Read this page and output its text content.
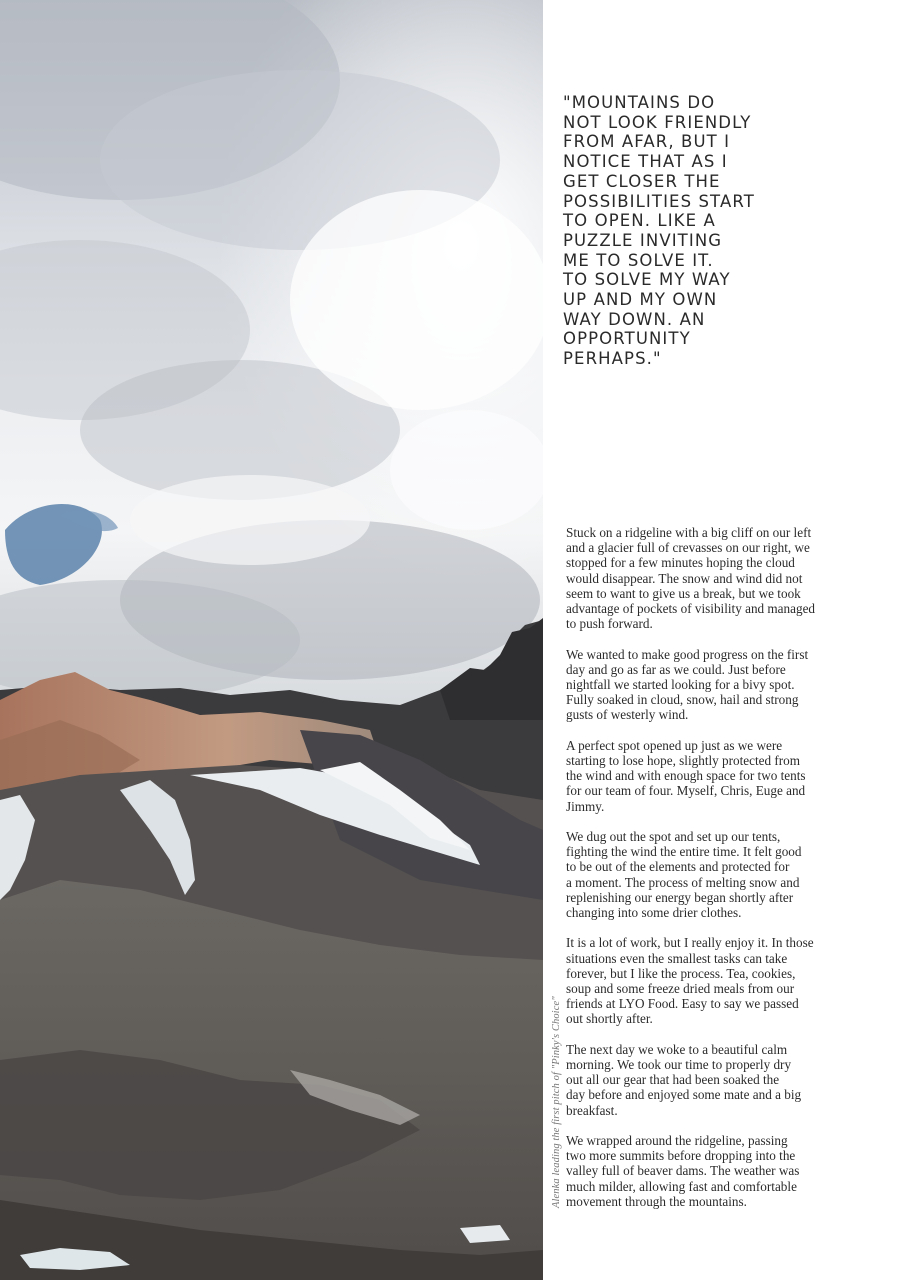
Alenka leading the first pitch of "Pinky's Choice"
"MOUNTAINS DO
NOT LOOK FRIENDLY
FROM AFAR, BUT I
NOTICE THAT AS I
GET CLOSER THE
POSSIBILITIES START
TO OPEN. LIKE A
PUZZLE INVITING
ME TO SOLVE IT.
TO SOLVE MY WAY
UP AND MY OWN
WAY DOWN. AN
OPPORTUNITY
PERHAPS."
Stuck on a ridgeline with a big cliff on our left
and a glacier full of crevasses on our right, we
stopped for a few minutes hoping the cloud
would disappear. The snow and wind did not
seem to want to give us a break, but we took
advantage of pockets of visibility and managed
to push forward.
We wanted to make good progress on the first
day and go as far as we could. Just before
nightfall we started looking for a bivy spot.
Fully soaked in cloud, snow, hail and strong
gusts of westerly wind.
A perfect spot opened up just as we were
starting to lose hope, slightly protected from
the wind and with enough space for two tents
for our team of four. Myself, Chris, Euge and
Jimmy.
We dug out the spot and set up our tents,
fighting the wind the entire time. It felt good
to be out of the elements and protected for
a moment. The process of melting snow and
replenishing our energy began shortly after
changing into some drier clothes.
It is a lot of work, but I really enjoy it. In those
situations even the smallest tasks can take
forever, but I like the process. Tea, cookies,
soup and some freeze dried meals from our
friends at LYO Food. Easy to say we passed
out shortly after.
The next day we woke to a beautiful calm
morning. We took our time to properly dry
out all our gear that had been soaked the
day before and enjoyed some mate and a big
breakfast.
We wrapped around the ridgeline, passing
two more summits before dropping into the
valley full of beaver dams. The weather was
much milder, allowing fast and comfortable
movement through the mountains.
